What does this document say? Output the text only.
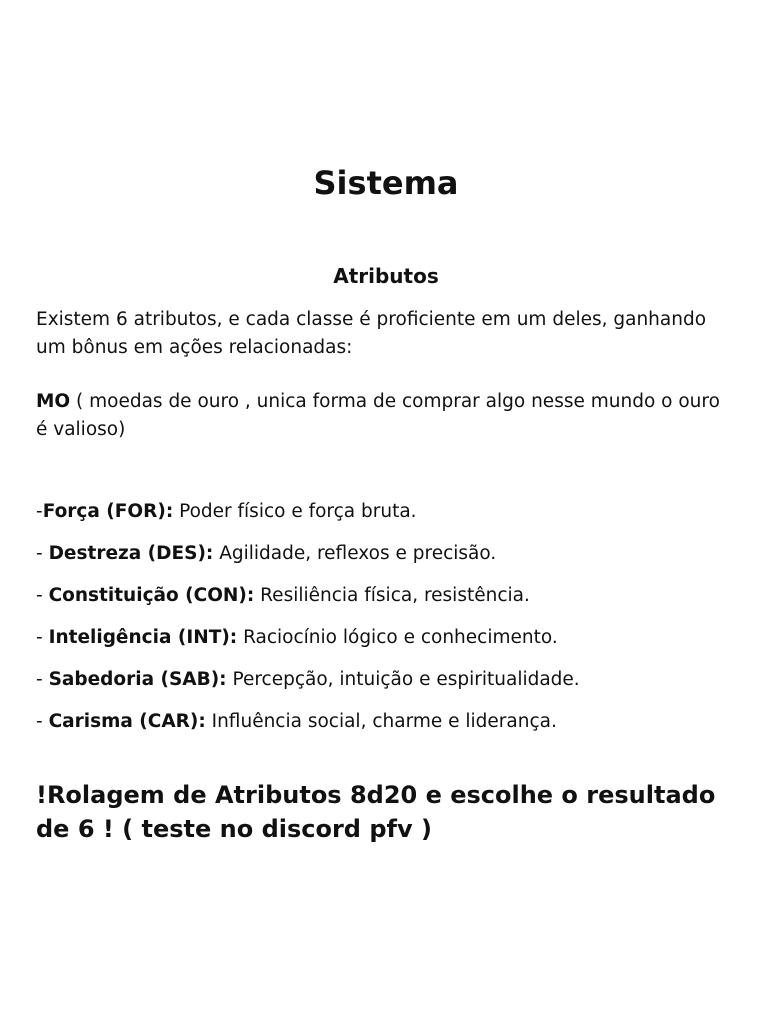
Sistema
Atributos

Existem 6 atributos, e cada classe é proficiente em um deles, ganhando um bônus em ações relacionadas:

MO ( moedas de ouro , unica forma de comprar algo nesse mundo o ouro é valioso)

-Força (FOR): Poder físico e força bruta.
- Destreza (DES): Agilidade, reflexos e precisão.
- Constituição (CON): Resiliência física, resistência.
- Inteligência (INT): Raciocínio lógico e conhecimento.
- Sabedoria (SAB): Percepção, intuição e espiritualidade.
- Carisma (CAR): Influência social, charme e liderança.

!Rolagem de Atributos 8d20 e escolhe o resultado de 6 ! ( teste no discord pfv )
